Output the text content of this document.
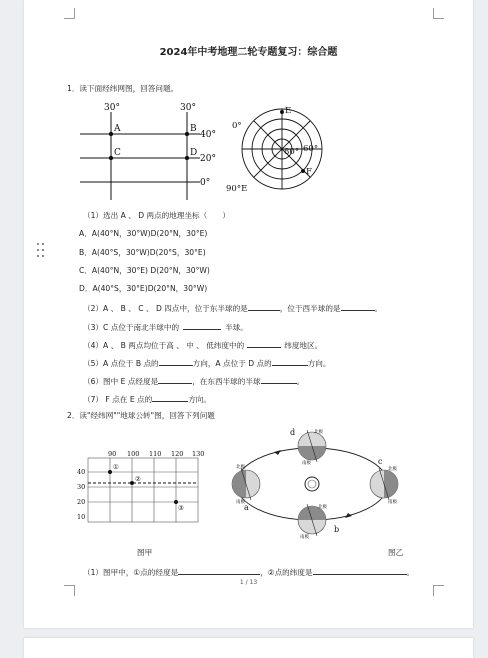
2024年中考地理二轮专题复习：综合题
1．读下面经纬网图，回答问题。
30°	30°
40°
20°
0°
A	B
C	D
0°
E
80° 60°
F
90°E
（1）选出 A 、 D 两点的地理坐标（　　）
A．A(40°N，30°W)D(20°N，30°E)
B．A(40°S，30°W)D(20°S，30°E)
C．A(40°N，30°E) D(20°N，30°W)
D．A(40°S，30°E)D(20°N，30°W)
（2）A 、 B 、 C 、 D 四点中，位于东半球的是	，位于西半球的是	。
（3）C 点位于南北半球中的	半球。
（4）A 、 B 两点均位于高 、 中 、 低纬度中的	纬度地区。
（5）A 点位于 B 点的	方向，A 点位于 D 点的	方向。
（6）图中 E 点经度是	，在东西半球的半球	。
（7） F 点在 E 点的	方向。
2．读"经纬网""地球公转"图，回答下列问题
90 100 110 120 130
40
30
20
10
①
②
③
d
a
b
c
北极
北极	北极
北极
南极
南极	南极
南极
图甲	图乙
（1）图甲中，①点的经度是	，②点的纬度是	。
1 / 13
